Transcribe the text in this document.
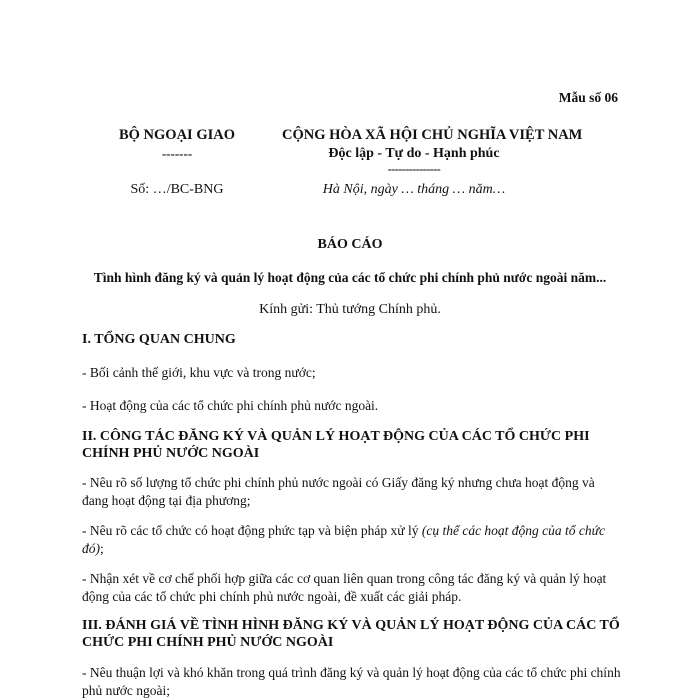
Mẫu số 06
BỘ NGOẠI GIAO
-------
CỘNG HÒA XÃ HỘI CHỦ NGHĨA VIỆT NAM
Độc lập - Tự do - Hạnh phúc
---------------
Số: …/BC-BNG	Hà Nội, ngày … tháng … năm…
BÁO CÁO
Tình hình đăng ký và quản lý hoạt động của các tổ chức phi chính phủ nước ngoài năm...
Kính gửi: Thủ tướng Chính phủ.
I. TỔNG QUAN CHUNG
- Bối cảnh thế giới, khu vực và trong nước;
- Hoạt động của các tổ chức phi chính phủ nước ngoài.
II. CÔNG TÁC ĐĂNG KÝ VÀ QUẢN LÝ HOẠT ĐỘNG CỦA CÁC TỔ CHỨC PHI CHÍNH PHỦ NƯỚC NGOÀI
- Nêu rõ số lượng tổ chức phi chính phủ nước ngoài có Giấy đăng ký nhưng chưa hoạt động và đang hoạt động tại địa phương;
- Nêu rõ các tổ chức có hoạt động phức tạp và biện pháp xử lý (cụ thể các hoạt động của tổ chức đó);
- Nhận xét về cơ chế phối hợp giữa các cơ quan liên quan trong công tác đăng ký và quản lý hoạt động của các tổ chức phi chính phủ nước ngoài, đề xuất các giải pháp.
III. ĐÁNH GIÁ VỀ TÌNH HÌNH ĐĂNG KÝ VÀ QUẢN LÝ HOẠT ĐỘNG CỦA CÁC TỔ CHỨC PHI CHÍNH PHỦ NƯỚC NGOÀI
- Nêu thuận lợi và khó khăn trong quá trình đăng ký và quản lý hoạt động của các tổ chức phi chính phủ nước ngoài;
